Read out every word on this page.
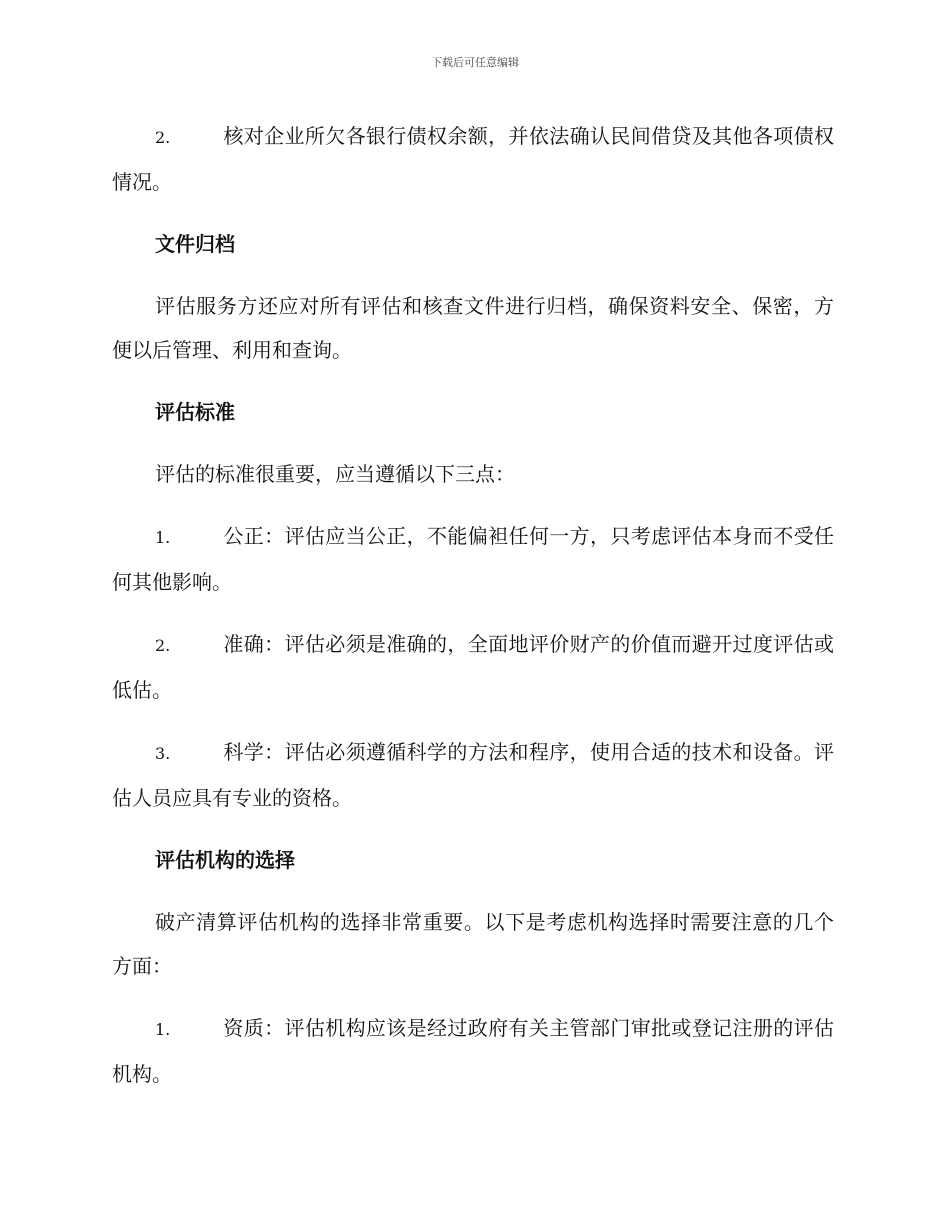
下载后可任意编辑

2.	核对企业所欠各银行债权余额，并依法确认民间借贷及其他各项债权情况。

文件归档

评估服务方还应对所有评估和核查文件进行归档，确保资料安全、保密，方便以后管理、利用和查询。

评估标准

评估的标准很重要，应当遵循以下三点：

1.	公正：评估应当公正，不能偏袒任何一方，只考虑评估本身而不受任何其他影响。

2.	准确：评估必须是准确的，全面地评价财产的价值而避开过度评估或低估。

3.	科学：评估必须遵循科学的方法和程序，使用合适的技术和设备。评估人员应具有专业的资格。

评估机构的选择

破产清算评估机构的选择非常重要。以下是考虑机构选择时需要注意的几个方面：

1.	资质：评估机构应该是经过政府有关主管部门审批或登记注册的评估机构。
